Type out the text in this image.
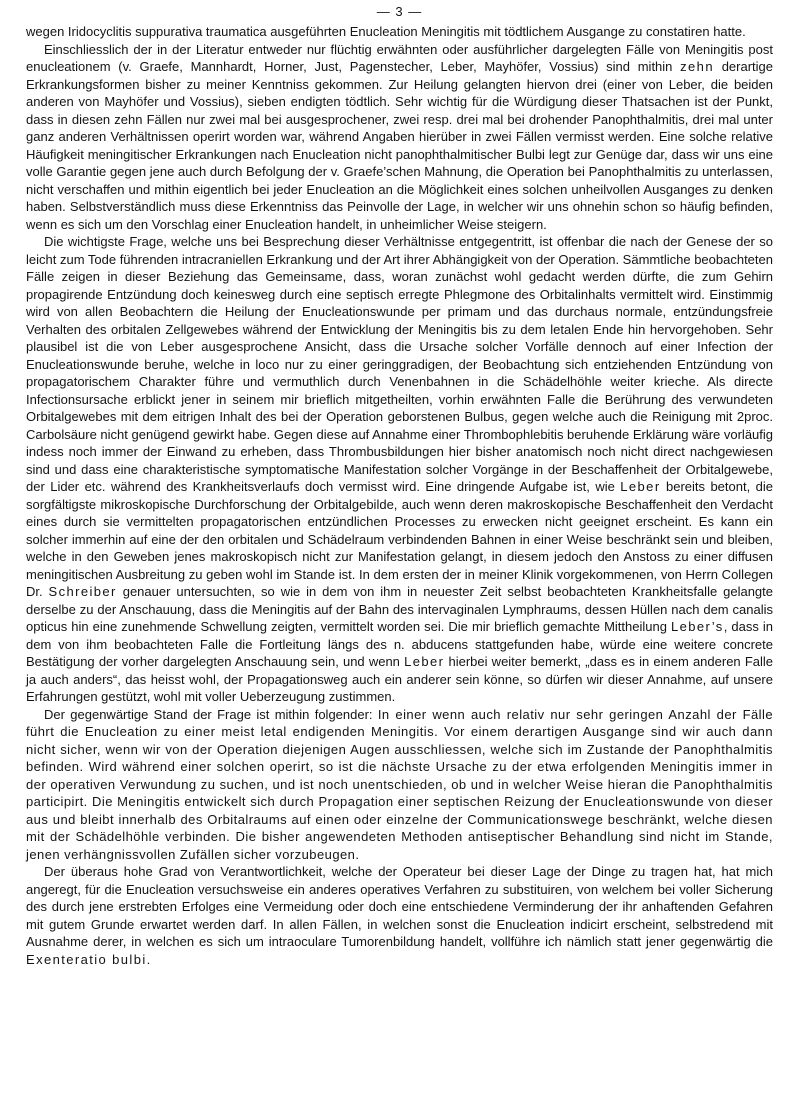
— 3 —

wegen Iridocyclitis suppurativa traumatica ausgeführten Enucleation Meningitis mit tödtlichem Ausgange zu constatiren hatte.

Einschliesslich der in der Literatur entweder nur flüchtig erwähnten oder ausführlicher dargelegten Fälle von Meningitis post enucleationem (v. Graefe, Mannhardt, Horner, Just, Pagenstecher, Leber, Mayhöfer, Vossius) sind mithin zehn derartige Erkrankungsformen bisher zu meiner Kenntniss gekommen. Zur Heilung gelangten hiervon drei (einer von Leber, die beiden anderen von Mayhöfer und Vossius), sieben endigten tödtlich. Sehr wichtig für die Würdigung dieser Thatsachen ist der Punkt, dass in diesen zehn Fällen nur zwei mal bei ausgesprochener, zwei resp. drei mal bei drohender Panophthalmitis, drei mal unter ganz anderen Verhältnissen operirt worden war, während Angaben hierüber in zwei Fällen vermisst werden. Eine solche relative Häufigkeit meningitischer Erkrankungen nach Enucleation nicht panophthalmitischer Bulbi legt zur Genüge dar, dass wir uns eine volle Garantie gegen jene auch durch Befolgung der v. Graefe’schen Mahnung, die Operation bei Panophthalmitis zu unterlassen, nicht verschaffen und mithin eigentlich bei jeder Enucleation an die Möglichkeit eines solchen unheilvollen Ausganges zu denken haben. Selbstverständlich muss diese Erkenntniss das Peinvolle der Lage, in welcher wir uns ohnehin schon so häufig befinden, wenn es sich um den Vorschlag einer Enucleation handelt, in unheimlicher Weise steigern.

Die wichtigste Frage, welche uns bei Besprechung dieser Verhältnisse entgegentritt, ist offenbar die nach der Genese der so leicht zum Tode führenden intracraniellen Erkrankung und der Art ihrer Abhängigkeit von der Operation. Sämmtliche beobachteten Fälle zeigen in dieser Beziehung das Gemeinsame, dass, woran zunächst wohl gedacht werden dürfte, die zum Gehirn propagirende Entzündung doch keinesweg durch eine septisch erregte Phlegmone des Orbitalinhalts vermittelt wird. Einstimmig wird von allen Beobachtern die Heilung der Enucleationswunde per primam und das durchaus normale, entzündungsfreie Verhalten des orbitalen Zellgewebes während der Entwicklung der Meningitis bis zu dem letalen Ende hin hervorgehoben. Sehr plausibel ist die von Leber ausgesprochene Ansicht, dass die Ursache solcher Vorfälle dennoch auf einer Infection der Enucleationswunde beruhe, welche in loco nur zu einer geringgradigen, der Beobachtung sich entziehenden Entzündung von propagatorischem Charakter führe und vermuthlich durch Venenbahnen in die Schädelhöhle weiter krieche. Als directe Infectionsursache erblickt jener in seinem mir brieflich mitgetheilten, vorhin erwähnten Falle die Berührung des verwundeten Orbitalgewebes mit dem eitrigen Inhalt des bei der Operation geborstenen Bulbus, gegen welche auch die Reinigung mit 2proc. Carbolsäure nicht genügend gewirkt habe. Gegen diese auf Annahme einer Thrombophlebitis beruhende Erklärung wäre vorläufig indess noch immer der Einwand zu erheben, dass Thrombusbildungen hier bisher anatomisch noch nicht direct nachgewiesen sind und dass eine charakteristische symptomatische Manifestation solcher Vorgänge in der Beschaffenheit der Orbitalgewebe, der Lider etc. während des Krankheitsverlaufs doch vermisst wird. Eine dringende Aufgabe ist, wie Leber bereits betont, die sorgfältigste mikroskopische Durchforschung der Orbitalgebilde, auch wenn deren makroskopische Beschaffenheit den Verdacht eines durch sie vermittelten propagatorischen entzündlichen Processes zu erwecken nicht geeignet erscheint. Es kann ein solcher immerhin auf eine der den orbitalen und Schädelraum verbindenden Bahnen in einer Weise beschränkt sein und bleiben, welche in den Geweben jenes makroskopisch nicht zur Manifestation gelangt, in diesem jedoch den Anstoss zu einer diffusen meningitischen Ausbreitung zu geben wohl im Stande ist. In dem ersten der in meiner Klinik vorgekommenen, von Herrn Collegen Dr. Schreiber genauer untersuchten, so wie in dem von ihm in neuester Zeit selbst beobachteten Krankheitsfalle gelangte derselbe zu der Anschauung, dass die Meningitis auf der Bahn des intervaginalen Lymphraums, dessen Hüllen nach dem canalis opticus hin eine zunehmende Schwellung zeigten, vermittelt worden sei. Die mir brieflich gemachte Mittheilung Leber’s, dass in dem von ihm beobachteten Falle die Fortleitung längs des n. abducens stattgefunden habe, würde eine weitere concrete Bestätigung der vorher dargelegten Anschauung sein, und wenn Leber hierbei weiter bemerkt, „dass es in einem anderen Falle ja auch anders“, das heisst wohl, der Propagationsweg auch ein anderer sein könne, so dürfen wir dieser Annahme, auf unsere Erfahrungen gestützt, wohl mit voller Ueberzeugung zustimmen.

Der gegenwärtige Stand der Frage ist mithin folgender: In einer wenn auch relativ nur sehr geringen Anzahl der Fälle führt die Enucleation zu einer meist letal endigenden Meningitis. Vor einem derartigen Ausgange sind wir auch dann nicht sicher, wenn wir von der Operation diejenigen Augen ausschliessen, welche sich im Zustande der Panophthalmitis befinden. Wird während einer solchen operirt, so ist die nächste Ursache zu der etwa erfolgenden Meningitis immer in der operativen Verwundung zu suchen, und ist noch unentschieden, ob und in welcher Weise hieran die Panophthalmitis participirt. Die Meningitis entwickelt sich durch Propagation einer septischen Reizung der Enucleationswunde von dieser aus und bleibt innerhalb des Orbitalraums auf einen oder einzelne der Communicationswege beschränkt, welche diesen mit der Schädelhöhle verbinden. Die bisher angewendeten Methoden antiseptischer Behandlung sind nicht im Stande, jenen verhängnissvollen Zufällen sicher vorzubeugen.

Der überaus hohe Grad von Verantwortlichkeit, welche der Operateur bei dieser Lage der Dinge zu tragen hat, hat mich angeregt, für die Enucleation versuchsweise ein anderes operatives Verfahren zu substituiren, von welchem bei voller Sicherung des durch jene erstrebten Erfolges eine Vermeidung oder doch eine entschiedene Verminderung der ihr anhaftenden Gefahren mit gutem Grunde erwartet werden darf. In allen Fällen, in welchen sonst die Enucleation indicirt erscheint, selbstredend mit Ausnahme derer, in welchen es sich um intraoculare Tumorenbildung handelt, vollführe ich nämlich statt jener gegenwärtig die Exenteratio bulbi.
